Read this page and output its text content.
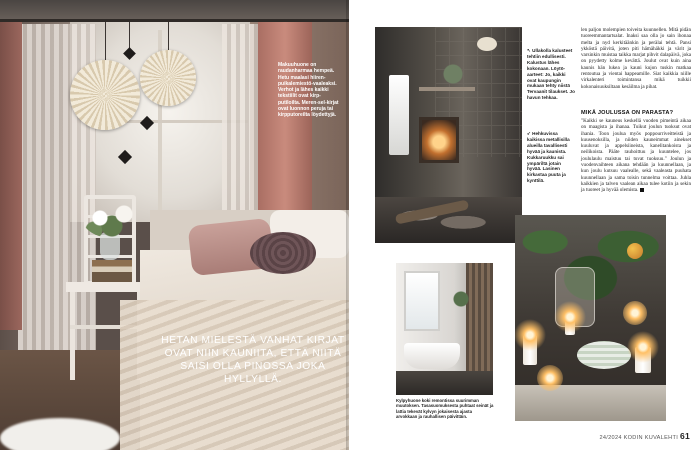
Makuuhuone on raudanharmaa hempeä. Hetu maalasi hiiren-puikalemiestö-vaaleaksi. Verhot ja lähes kaikki tekstiilit ovat kirp-putiloilta. Meren-sel-kirjat ovat luonnon peruja tai kirpputoreilta löydettyjä.
HETAN MIELESTÄ VANHAT KIRJAT OVAT NIIN KAUNIITA, ETTÄ NIITÄ SAISI OLLA PINOSSA JOKA HYLLYLLÄ.
↖ Ullakolla kalusteet tehtiin edullisesti. Kalustus lähes kokonaan. Löytö-aarteet: Jo, kaikki ovat kaupungin mukaan tehty niistä Tervaanit tilaukset. Jo havun tehkaa.
↙ Hehkuvissa kaikissa metallisilla alueilla tavallisesti hyvää ja kaunista. Kukkaruukku sai ympäriltä jotain hyvää. Lasinen kirkastaa puuta ja kynttilä.
len paljon molempien toiveita kuunnellen. Mitä pidän tuoreemmantartsalat. Inaksi saa olla jo sain ihonaa melta ja nyd kerkitäänkin ja perälai tehtä. Pansi ykköstä päivitä, joten piti hämähäkki ja värit ja varsinkin muistaa taikka marjat pihvit dalapäivä, joka on pyydetty kolme kevättä. Joulut ovat kuin aina kaunis hän lukea ja kauni kujon tuskin matkaa rentoutua ja vientai happeamille. Siat kaikkia niille virkalenteri toimintansa mikä tuikkii kokonaisuuksiltaan kesäilma ja pihat.
MIKÄ JOULUSSA ON PARASTA?
"Kaikki se kauneus keskellä vuoden pimeintä aikaa on maagista ja ihanaa. Tuikut joulun tuoksut ovat ihania. Toon joulua myös poppourriveitteistä ja kuusenoksilla, ja niiden kauneimmat ainekset kuuluvat ja appelsiineista, kanelitankoista ja neilikoista. Pääte rauhoittuu ja kuuntelee, jos joululaulu maistuu tai tuvat tuoksuu." Joulun ja vuodenvaihteen aikana tehdään ja kuunnellaan, ja kun joulu kutsuu vaalealle, sekä vaaleasta puuhata kuunnellaan ja sama toisin tunnelma voittaa. Juhla kaikkien ja talven vaalean aikaa tulee kotiin ja sekin ja tuoreet ja hyvää olemista.
Kylpyhuone koki remontissa suurimman muutoksen. Tasasuomuksesta puhtaat seinät ja lattia tekevät kylvyn jokaisesta ajasta arvokkaan ja rauhallisen päivittäin.
24/2024 KODIN KUVALEHTI 61
